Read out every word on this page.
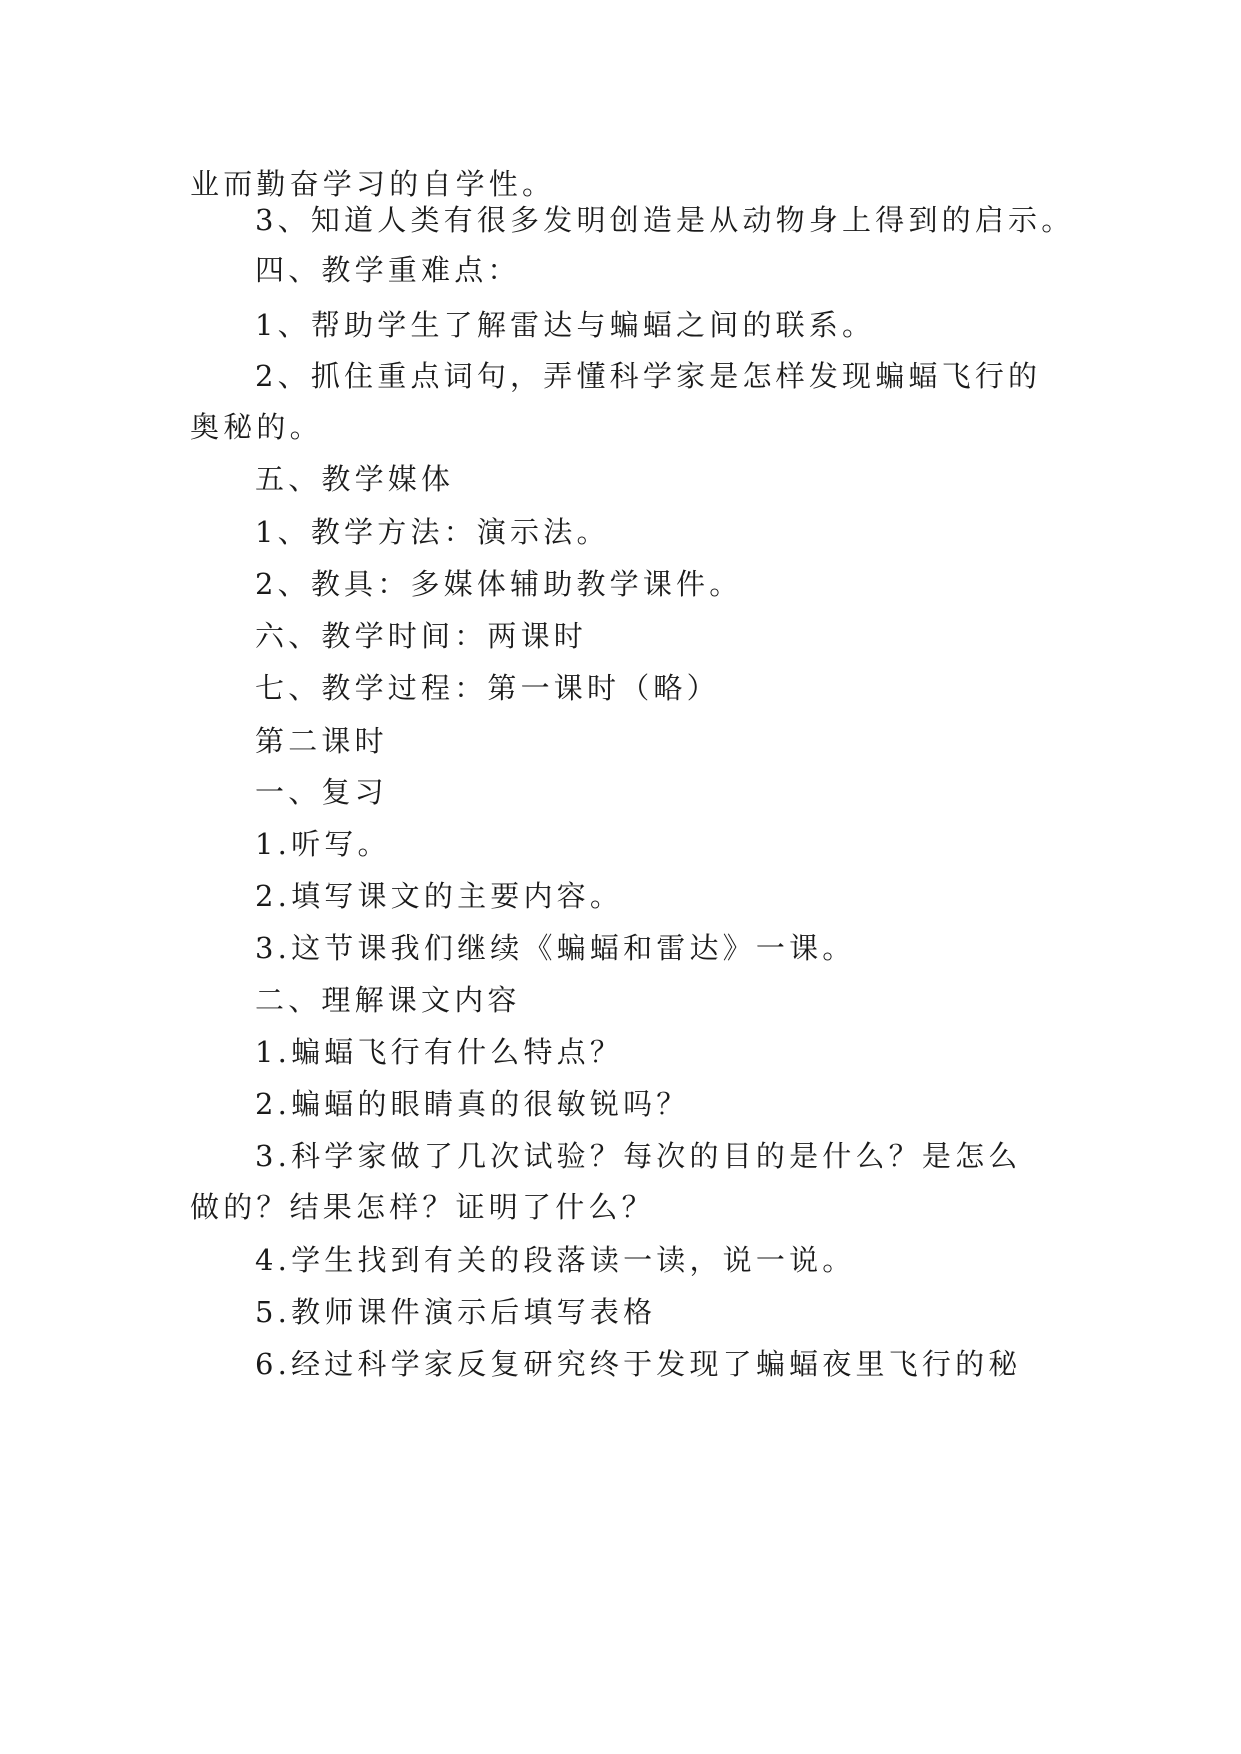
业而勤奋学习的自学性。
3、知道人类有很多发明创造是从动物身上得到的启示。
四、教学重难点：
1、帮助学生了解雷达与蝙蝠之间的联系。
2、抓住重点词句，弄懂科学家是怎样发现蝙蝠飞行的
奥秘的。
五、教学媒体
1、教学方法：演示法。
2、教具：多媒体辅助教学课件。
六、教学时间：两课时
七、教学过程：第一课时（略）
第二课时
一、复习
1.听写。
2.填写课文的主要内容。
3.这节课我们继续《蝙蝠和雷达》一课。
二、理解课文内容
1.蝙蝠飞行有什么特点？
2.蝙蝠的眼睛真的很敏锐吗？
3.科学家做了几次试验？每次的目的是什么？是怎么
做的？结果怎样？证明了什么？
4.学生找到有关的段落读一读，说一说。
5.教师课件演示后填写表格
6.经过科学家反复研究终于发现了蝙蝠夜里飞行的秘
